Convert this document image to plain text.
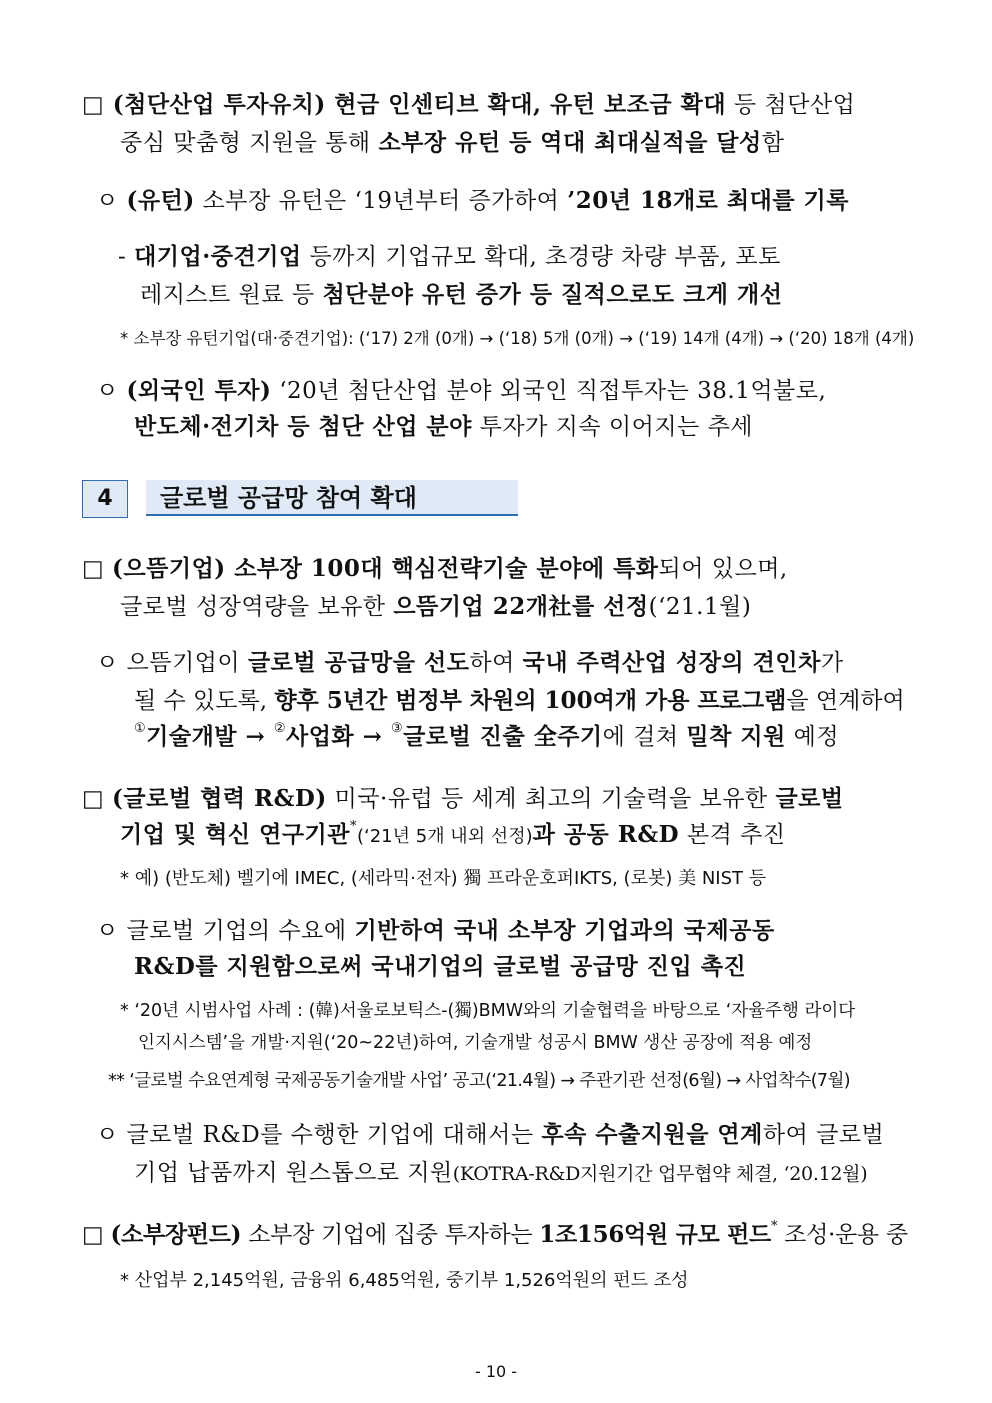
□ (첨단산업 투자유치) 현금 인센티브 확대, 유턴 보조금 확대 등 첨단산업
중심 맞춤형 지원을 통해 소부장 유턴 등 역대 최대실적을 달성함
ㅇ (유턴) 소부장 유턴은 ‘19년부터 증가하여 ’20년 18개로 최대를 기록
- 대기업·중견기업 등까지 기업규모 확대, 초경량 차량 부품, 포토
레지스트 원료 등 첨단분야 유턴 증가 등 질적으로도 크게 개선
* 소부장 유턴기업(대·중견기업): (‘17) 2개 (0개) → (‘18) 5개 (0개) → (‘19) 14개 (4개) → (‘20) 18개 (4개)
ㅇ (외국인 투자) ‘20년 첨단산업 분야 외국인 직접투자는 38.1억불로,
반도체·전기차 등 첨단 산업 분야 투자가 지속 이어지는 추세
4	글로벌 공급망 참여 확대
□ (으뜸기업) 소부장 100대 핵심전략기술 분야에 특화되어 있으며,
글로벌 성장역량을 보유한 으뜸기업 22개社를 선정(‘21.1월)
ㅇ 으뜸기업이 글로벌 공급망을 선도하여 국내 주력산업 성장의 견인차가
될 수 있도록, 향후 5년간 범정부 차원의 100여개 가용 프로그램을 연계하여
①기술개발 → ②사업화 → ③글로벌 진출 全주기에 걸쳐 밀착 지원 예정
□ (글로벌 협력 R&D) 미국·유럽 등 세계 최고의 기술력을 보유한 글로벌
기업 및 혁신 연구기관*(‘21년 5개 내외 선정)과 공동 R&D 본격 추진
* 예) (반도체) 벨기에 IMEC, (세라믹·전자) 獨 프라운호퍼IKTS, (로봇) 美 NIST 등
ㅇ 글로벌 기업의 수요에 기반하여 국내 소부장 기업과의 국제공동
R&D를 지원함으로써 국내기업의 글로벌 공급망 진입 촉진
* ‘20년 시범사업 사례 : (韓)서울로보틱스-(獨)BMW와의 기술협력을 바탕으로 ‘자율주행 라이다
인지시스템’을 개발·지원(‘20~22년)하여, 기술개발 성공시 BMW 생산 공장에 적용 예정
** ‘글로벌 수요연계형 국제공동기술개발 사업’ 공고(‘21.4월) → 주관기관 선정(6월) → 사업착수(7월)
ㅇ 글로벌 R&D를 수행한 기업에 대해서는 후속 수출지원을 연계하여 글로벌
기업 납품까지 원스톱으로 지원(KOTRA-R&D지원기간 업무협약 체결, ‘20.12월)
□ (소부장펀드) 소부장 기업에 집중 투자하는 1조156억원 규모 펀드* 조성·운용 중
* 산업부 2,145억원, 금융위 6,485억원, 중기부 1,526억원의 펀드 조성
- 10 -
